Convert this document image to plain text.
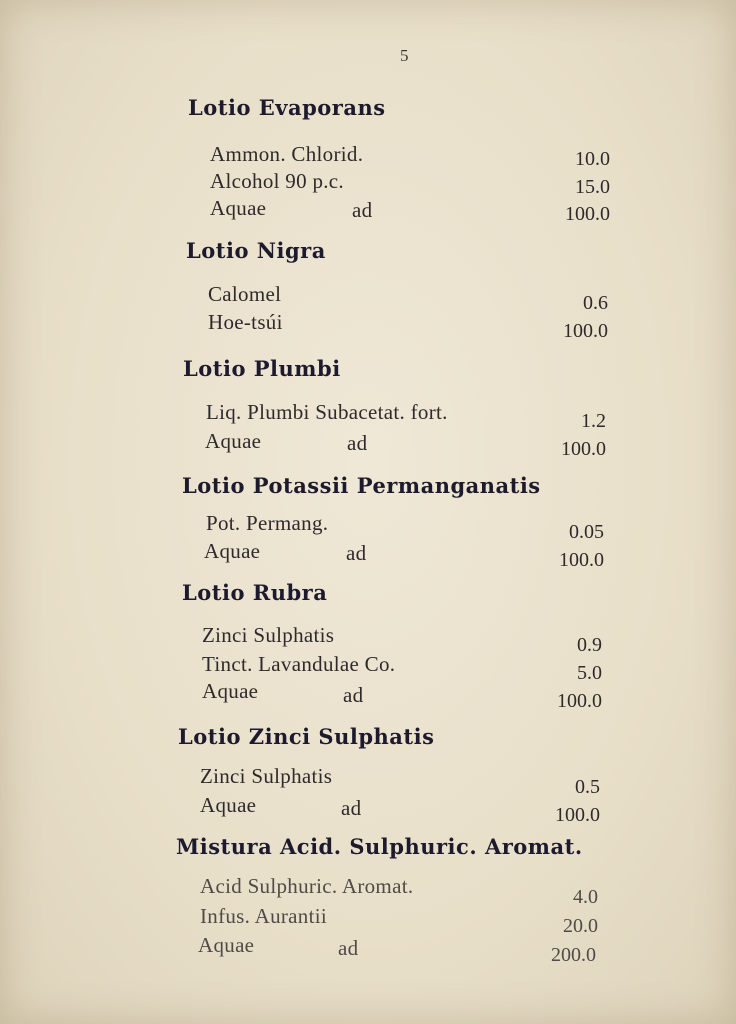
5
Lotio Evaporans
Ammon. Chlorid.	10.0
Alcohol 90 p.c.	15.0
Aquae	ad	100.0
Lotio Nigra
Calomel	0.6
Hoe-tsúi	100.0
Lotio Plumbi
Liq. Plumbi Subacetat. fort.	1.2
Aquae	ad	100.0
Lotio Potassii Permanganatis
Pot. Permang.	0.05
Aquae	ad	100.0
Lotio Rubra
Zinci Sulphatis	0.9
Tinct. Lavandulae Co.	5.0
Aquae	ad	100.0
Lotio Zinci Sulphatis
Zinci Sulphatis	0.5
Aquae	ad	100.0
Mistura Acid. Sulphuric. Aromat.
Acid Sulphuric. Aromat.	4.0
Infus. Aurantii	20.0
Aquae	ad	200.0
